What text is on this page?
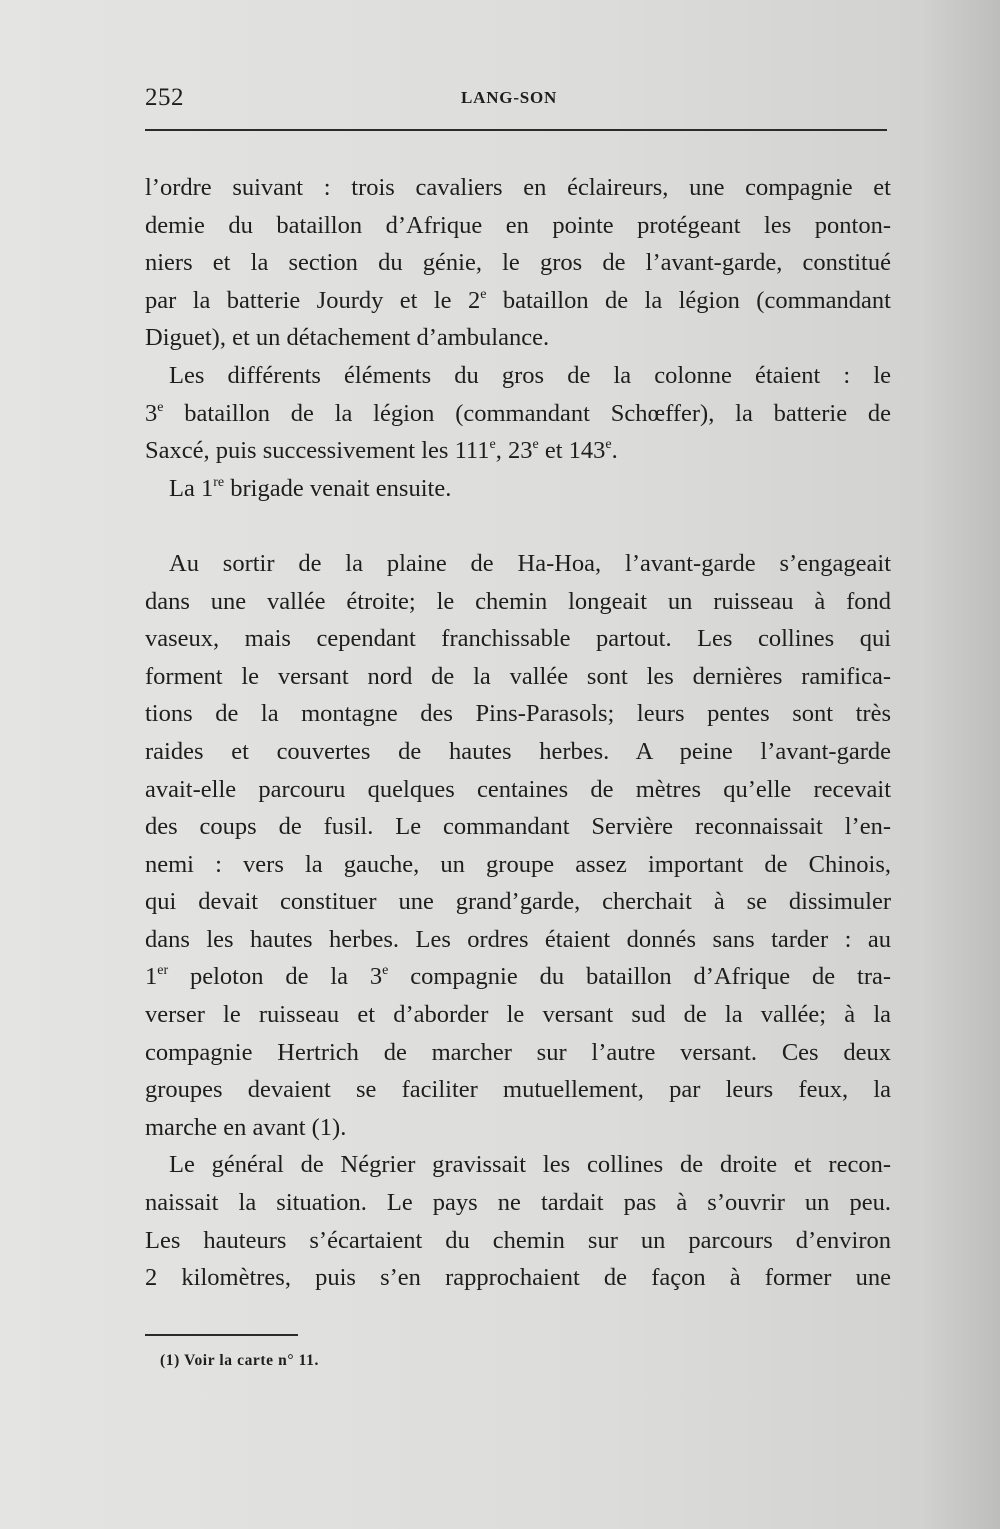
252	LANG-SON
l’ordre suivant : trois cavaliers en éclaireurs, une compagnie et
demie du bataillon d’Afrique en pointe protégeant les ponton-
niers et la section du génie, le gros de l’avant-garde, constitué
par la batterie Jourdy et le 2e bataillon de la légion (commandant
Diguet), et un détachement d’ambulance.
Les différents éléments du gros de la colonne étaient : le
3e bataillon de la légion (commandant Schœffer), la batterie de
Saxcé, puis successivement les 111e, 23e et 143e.
La 1re brigade venait ensuite.
Au sortir de la plaine de Ha-Hoa, l’avant-garde s’engageait
dans une vallée étroite; le chemin longeait un ruisseau à fond
vaseux, mais cependant franchissable partout. Les collines qui
forment le versant nord de la vallée sont les dernières ramifica-
tions de la montagne des Pins-Parasols; leurs pentes sont très
raides et couvertes de hautes herbes. A peine l’avant-garde
avait-elle parcouru quelques centaines de mètres qu’elle recevait
des coups de fusil. Le commandant Servière reconnaissait l’en-
nemi : vers la gauche, un groupe assez important de Chinois,
qui devait constituer une grand’garde, cherchait à se dissimuler
dans les hautes herbes. Les ordres étaient donnés sans tarder : au
1er peloton de la 3e compagnie du bataillon d’Afrique de tra-
verser le ruisseau et d’aborder le versant sud de la vallée; à la
compagnie Hertrich de marcher sur l’autre versant. Ces deux
groupes devaient se faciliter mutuellement, par leurs feux, la
marche en avant (1).
Le général de Négrier gravissait les collines de droite et recon-
naissait la situation. Le pays ne tardait pas à s’ouvrir un peu.
Les hauteurs s’écartaient du chemin sur un parcours d’environ
2 kilomètres, puis s’en rapprochaient de façon à former une
(1) Voir la carte n° 11.
